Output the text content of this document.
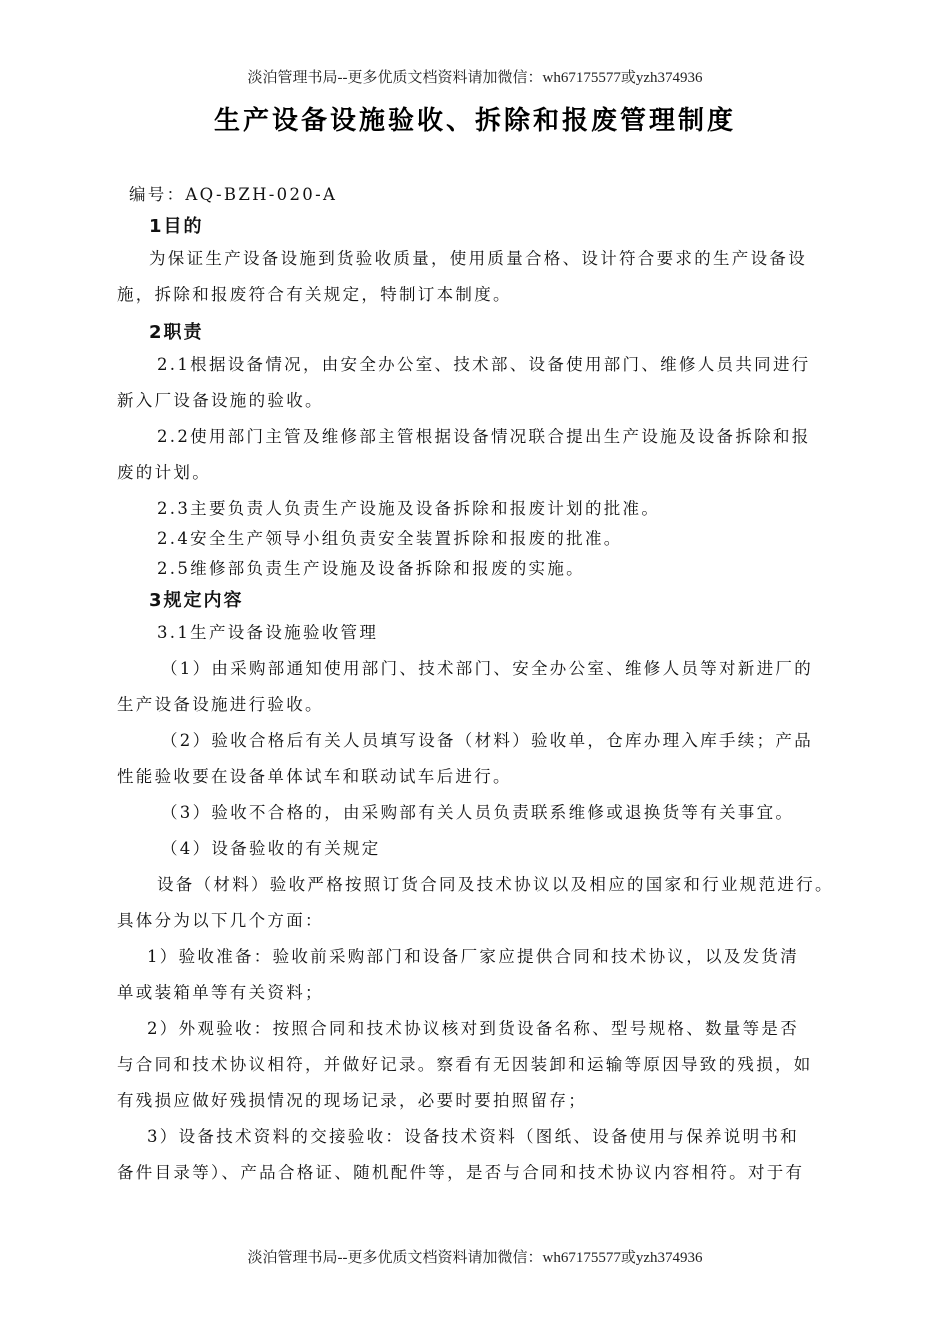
淡泊管理书局--更多优质文档资料请加微信：wh67175577或yzh374936
生产设备设施验收、拆除和报废管理制度
编号：AQ-BZH-020-A
1目的
为保证生产设备设施到货验收质量，使用质量合格、设计符合要求的生产设备设
施，拆除和报废符合有关规定，特制订本制度。
2职责
2.1根据设备情况，由安全办公室、技术部、设备使用部门、维修人员共同进行
新入厂设备设施的验收。
2.2使用部门主管及维修部主管根据设备情况联合提出生产设施及设备拆除和报
废的计划。
2.3主要负责人负责生产设施及设备拆除和报废计划的批准。
2.4安全生产领导小组负责安全装置拆除和报废的批准。
2.5维修部负责生产设施及设备拆除和报废的实施。
3规定内容
3.1生产设备设施验收管理
（1）由采购部通知使用部门、技术部门、安全办公室、维修人员等对新进厂的
生产设备设施进行验收。
（2）验收合格后有关人员填写设备（材料）验收单，仓库办理入库手续；产品
性能验收要在设备单体试车和联动试车后进行。
（3）验收不合格的，由采购部有关人员负责联系维修或退换货等有关事宜。
（4）设备验收的有关规定
设备（材料）验收严格按照订货合同及技术协议以及相应的国家和行业规范进行。
具体分为以下几个方面：
1）验收准备：验收前采购部门和设备厂家应提供合同和技术协议，以及发货清
单或装箱单等有关资料；
2）外观验收：按照合同和技术协议核对到货设备名称、型号规格、数量等是否
与合同和技术协议相符，并做好记录。察看有无因装卸和运输等原因导致的残损，如
有残损应做好残损情况的现场记录，必要时要拍照留存；
3）设备技术资料的交接验收：设备技术资料（图纸、设备使用与保养说明书和
备件目录等）、产品合格证、随机配件等，是否与合同和技术协议内容相符。对于有
淡泊管理书局--更多优质文档资料请加微信：wh67175577或yzh374936
